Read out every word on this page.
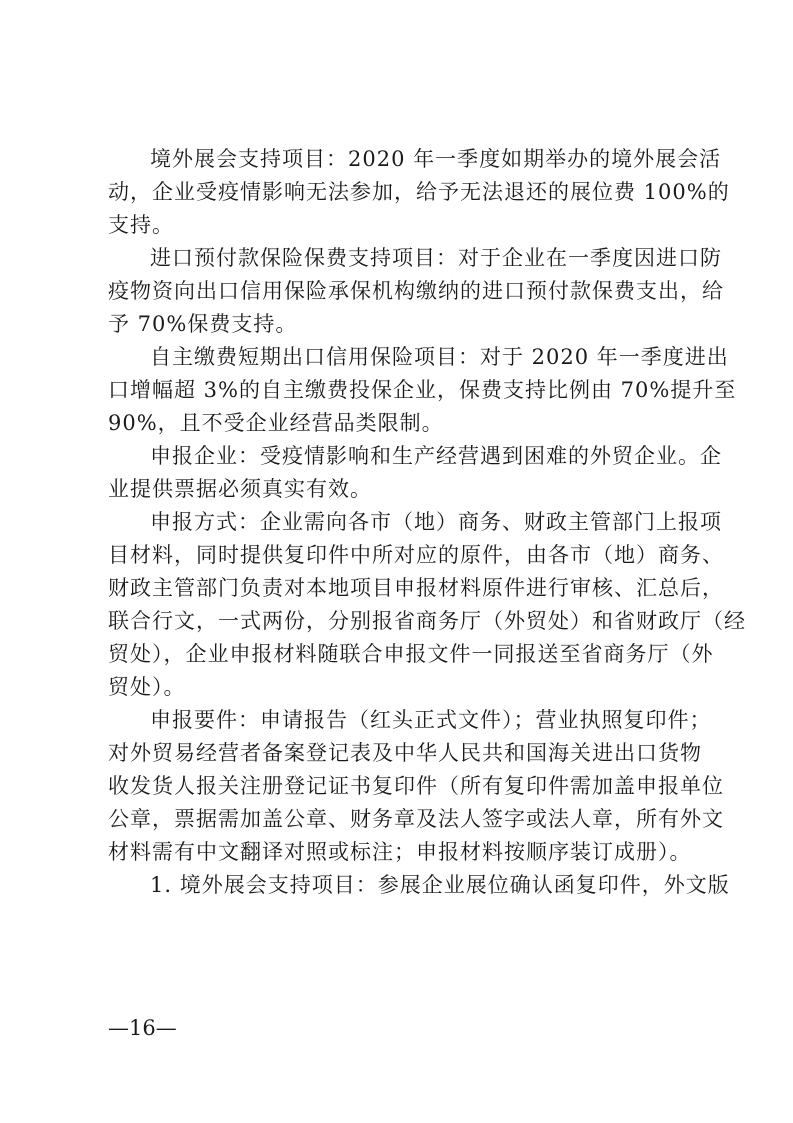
境外展会支持项目：2020 年一季度如期举办的境外展会活

动，企业受疫情影响无法参加，给予无法退还的展位费 100%的

支持。

进口预付款保险保费支持项目：对于企业在一季度因进口防

疫物资向出口信用保险承保机构缴纳的进口预付款保费支出，给

予 70%保费支持。

自主缴费短期出口信用保险项目：对于 2020 年一季度进出

口增幅超 3%的自主缴费投保企业，保费支持比例由 70%提升至

90%，且不受企业经营品类限制。

申报企业：受疫情影响和生产经营遇到困难的外贸企业。企

业提供票据必须真实有效。

申报方式：企业需向各市（地）商务、财政主管部门上报项

目材料，同时提供复印件中所对应的原件，由各市（地）商务、

财政主管部门负责对本地项目申报材料原件进行审核、汇总后，

联合行文，一式两份，分别报省商务厅（外贸处）和省财政厅（经

贸处），企业申报材料随联合申报文件一同报送至省商务厅（外

贸处）。

申报要件：申请报告（红头正式文件）；营业执照复印件；

对外贸易经营者备案登记表及中华人民共和国海关进出口货物

收发货人报关注册登记证书复印件（所有复印件需加盖申报单位

公章，票据需加盖公章、财务章及法人签字或法人章，所有外文

材料需有中文翻译对照或标注；申报材料按顺序装订成册）。

1. 境外展会支持项目：参展企业展位确认函复印件，外文版

—16—
